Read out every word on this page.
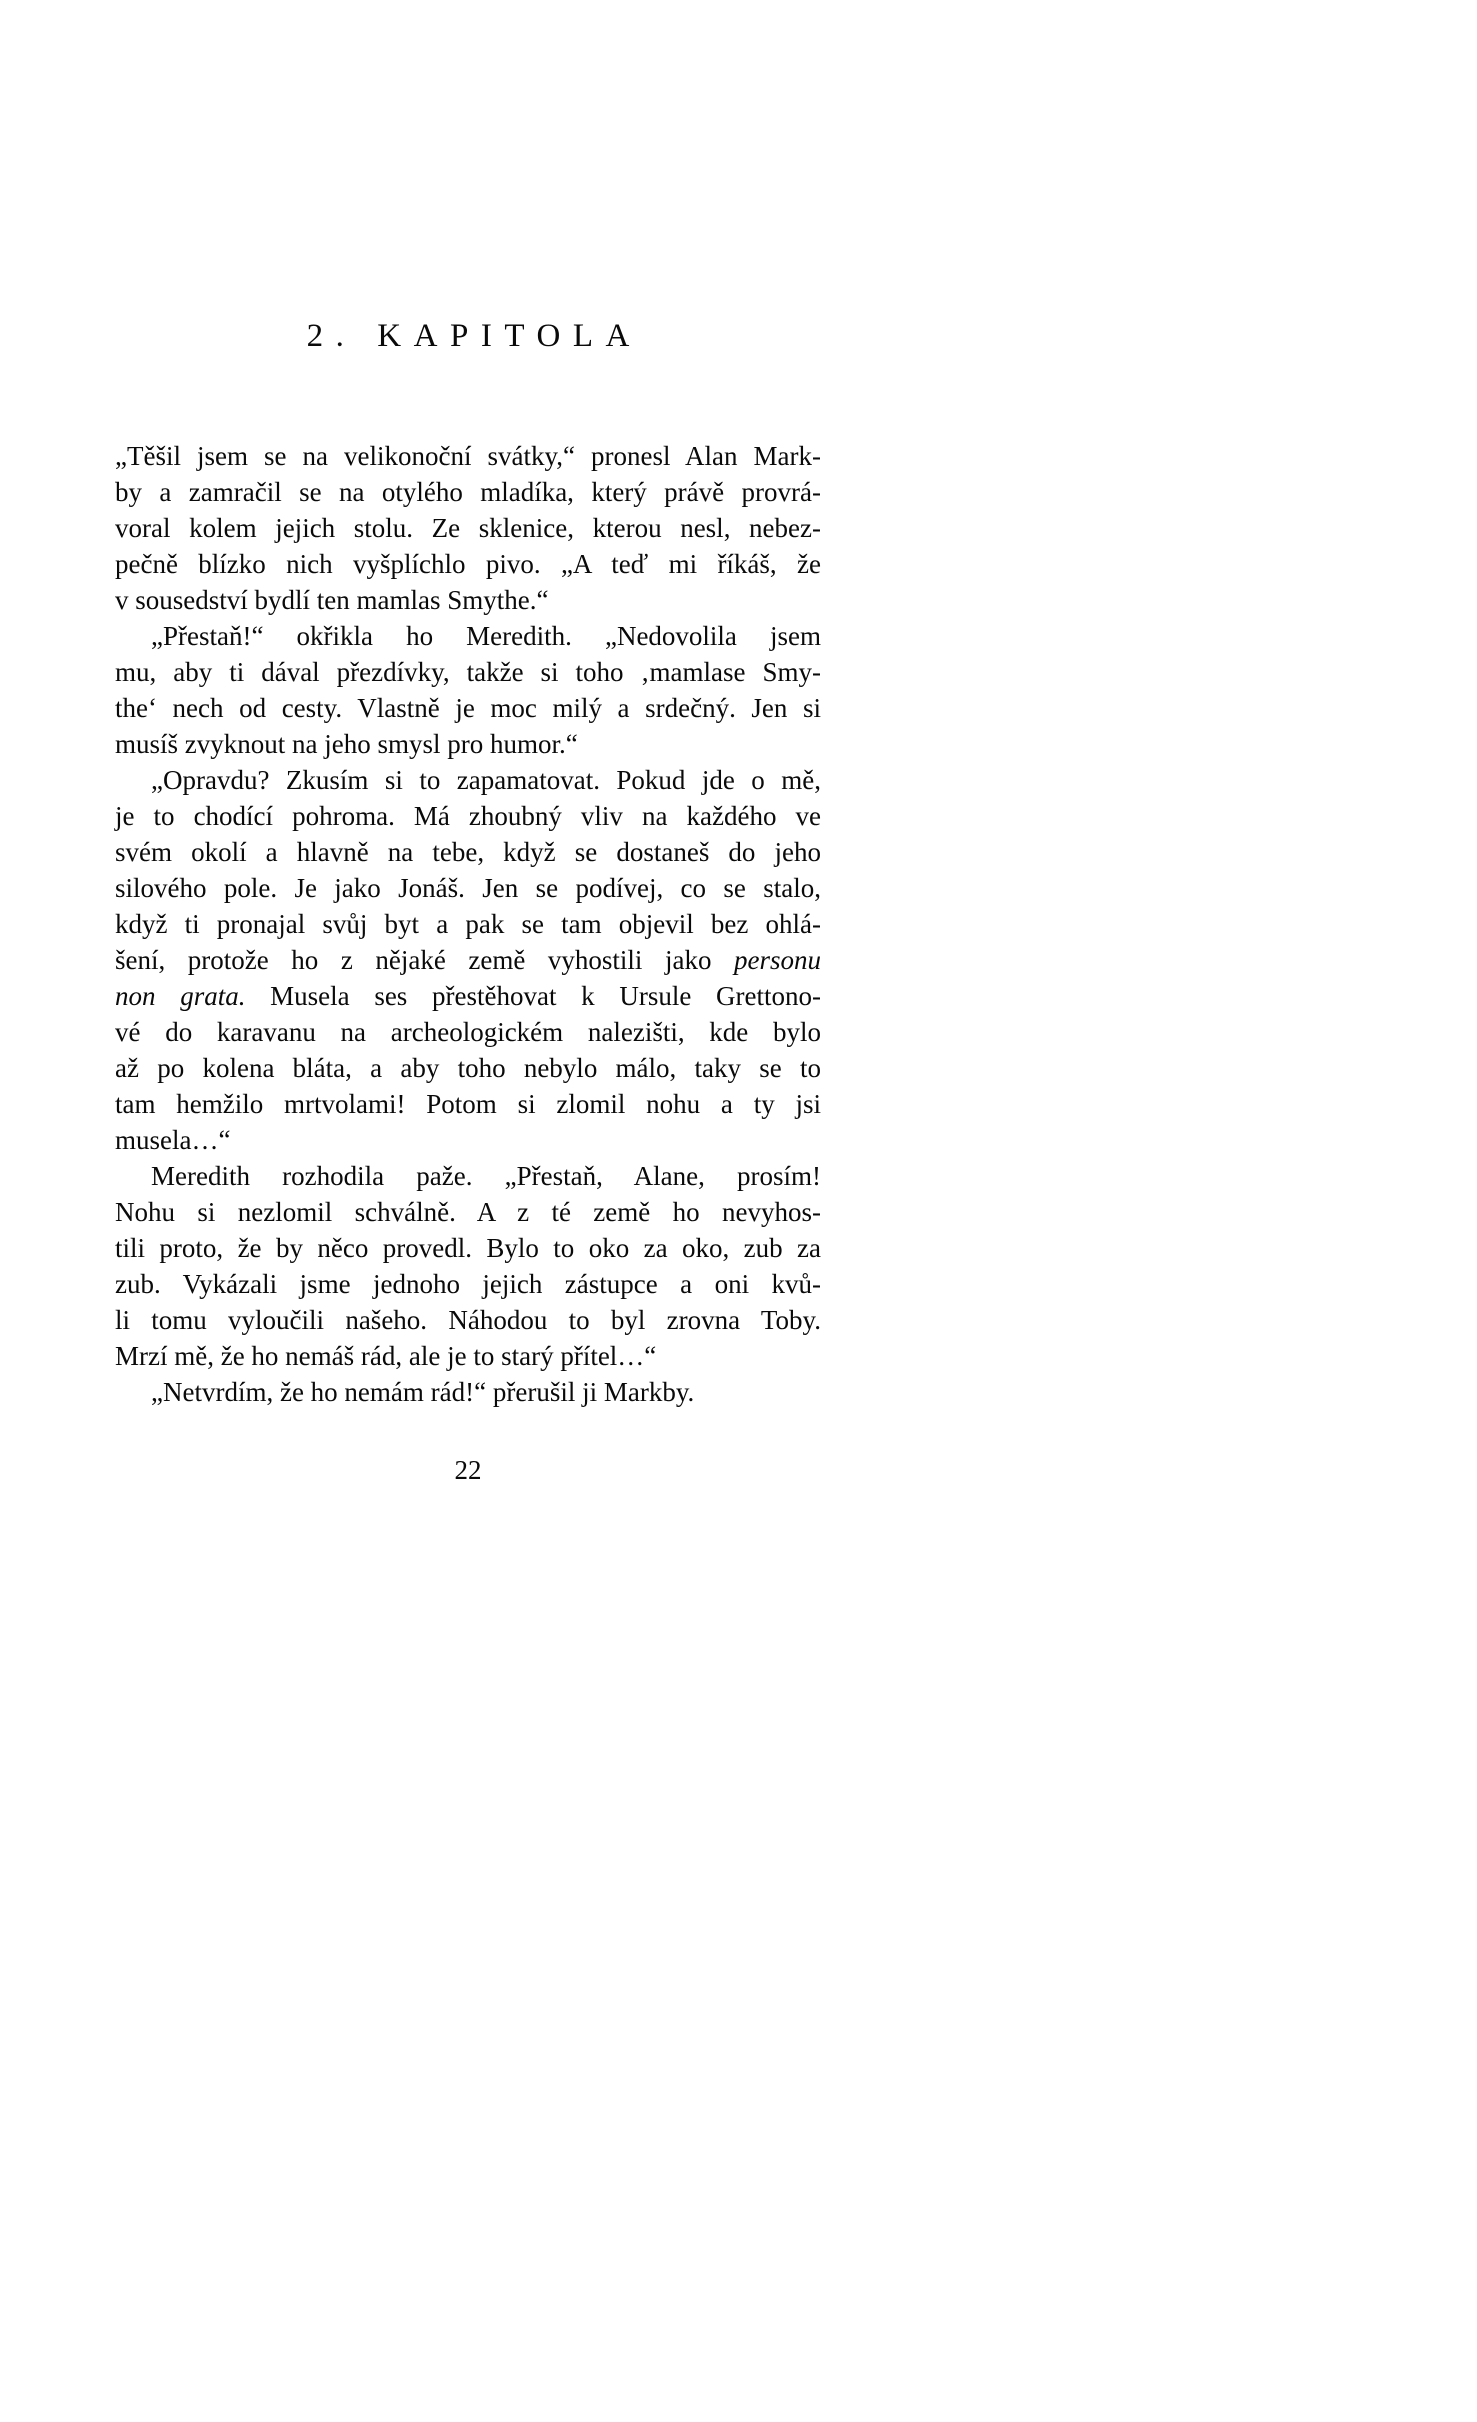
2. KAPITOLA
„Těšil jsem se na velikonoční svátky,“ pronesl Alan Mark-
by a zamračil se na otylého mladíka, který právě provrá-
voral kolem jejich stolu. Ze sklenice, kterou nesl, nebez-
pečně blízko nich vyšplíchlo pivo. „A teď mi říkáš, že
v sousedství bydlí ten mamlas Smythe.“
„Přestaň!“ okřikla ho Meredith. „Nedovolila jsem
mu, aby ti dával přezdívky, takže si toho ‚mamlase Smy-
the‘ nech od cesty. Vlastně je moc milý a srdečný. Jen si
musíš zvyknout na jeho smysl pro humor.“
„Opravdu? Zkusím si to zapamatovat. Pokud jde o mě,
je to chodící pohroma. Má zhoubný vliv na každého ve
svém okolí a hlavně na tebe, když se dostaneš do jeho
silového pole. Je jako Jonáš. Jen se podívej, co se stalo,
když ti pronajal svůj byt a pak se tam objevil bez ohlá-
šení, protože ho z nějaké země vyhostili jako personu
non grata. Musela ses přestěhovat k Ursule Grettono-
vé do karavanu na archeologickém nalezišti, kde bylo
až po kolena bláta, a aby toho nebylo málo, taky se to
tam hemžilo mrtvolami! Potom si zlomil nohu a ty jsi
musela…“
Meredith rozhodila paže. „Přestaň, Alane, prosím!
Nohu si nezlomil schválně. A z té země ho nevyhos-
tili proto, že by něco provedl. Bylo to oko za oko, zub za
zub. Vykázali jsme jednoho jejich zástupce a oni kvů-
li tomu vyloučili našeho. Náhodou to byl zrovna Toby.
Mrzí mě, že ho nemáš rád, ale je to starý přítel…“
„Netvrdím, že ho nemám rád!“ přerušil ji Markby.
22
